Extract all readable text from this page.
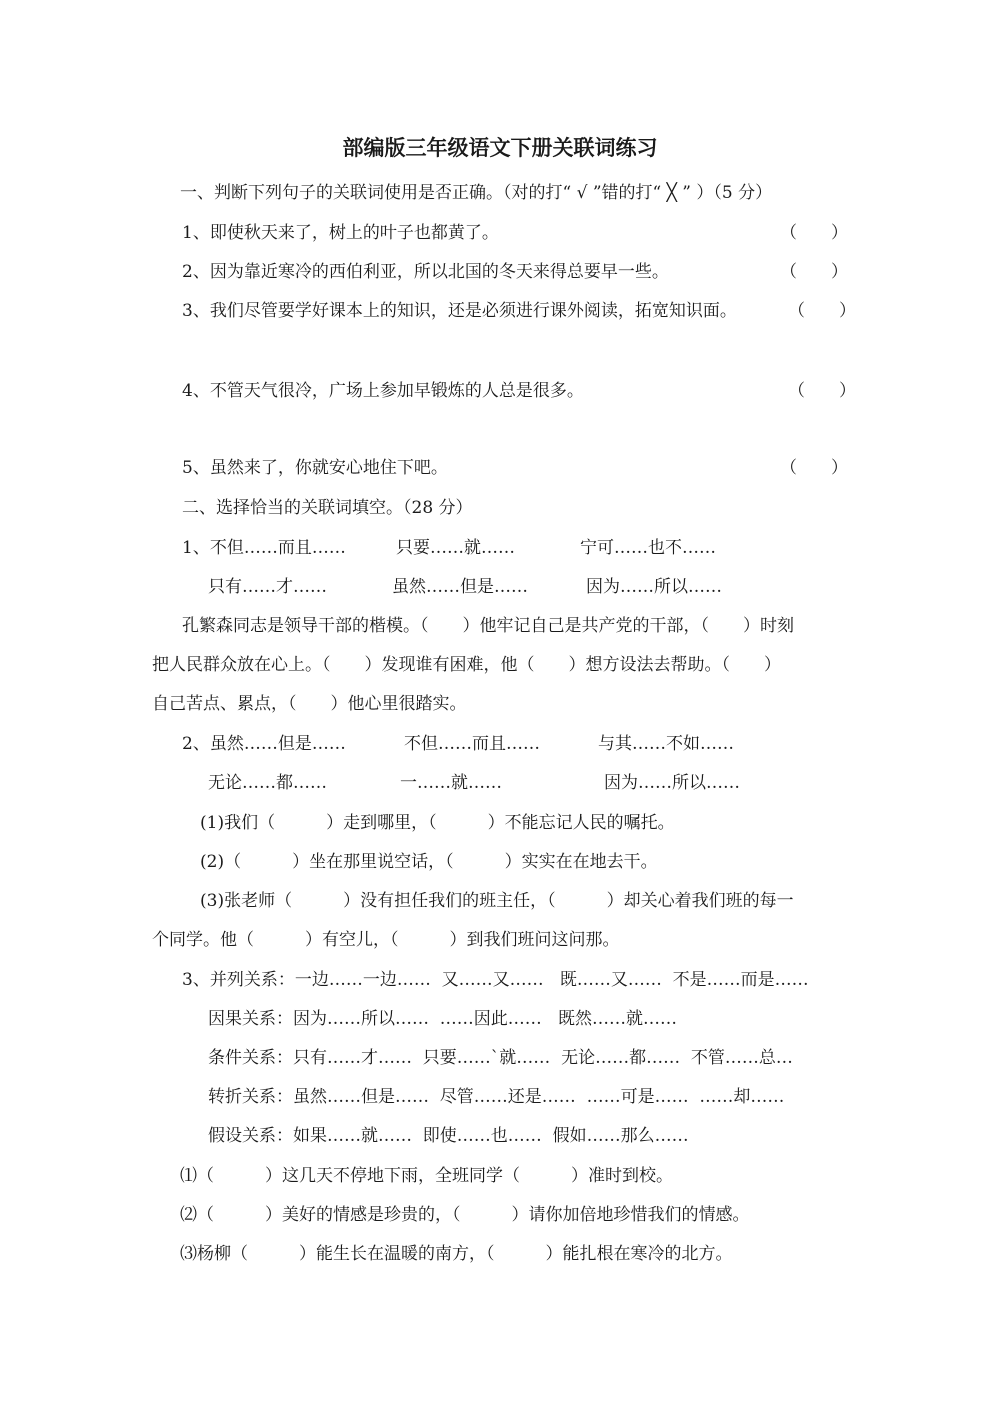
部编版三年级语文下册关联词练习
一、判断下列句子的关联词使用是否正确。（对的打“ √ ”错的打“ ╳ ” ）（5 分）
1、即使秋天来了，树上的叶子也都黄了。	（　　）
2、因为靠近寒冷的西伯利亚，所以北国的冬天来得总要早一些。	（　　）
3、我们尽管要学好课本上的知识，还是必须进行课外阅读，拓宽知识面。	（　　）
4、不管天气很冷，广场上参加早锻炼的人总是很多。	（　　）
5、虽然来了，你就安心地住下吧。	（　　）
二、选择恰当的关联词填空。（28 分）
1、不但……而且……	只要……就……	宁可……也不……
只有……才……	虽然……但是……	因为……所以……
孔繁森同志是领导干部的楷模。（　　）他牢记自己是共产党的干部，（　　）时刻
把人民群众放在心上。（　　）发现谁有困难，他（　　）想方设法去帮助。（　　）
自己苦点、累点，（　　）他心里很踏实。
2、虽然……但是……	不但……而且……	与其……不如……
无论……都……	一……就……	因为……所以……
(1)我们（　　　）走到哪里，（　　　）不能忘记人民的嘱托。
(2)（　　　）坐在那里说空话，（　　　）实实在在地去干。
(3)张老师（　　　）没有担任我们的班主任，（　　　）却关心着我们班的每一
个同学。他（　　　）有空儿，（　　　）到我们班问这问那。
3、并列关系：一边……一边……  又……又……   既……又……  不是……而是……
因果关系：因为……所以……  ……因此……   既然……就……
条件关系：只有……才……  只要……`就……  无论……都……  不管……总…
转折关系：虽然……但是……  尽管……还是……  ……可是……  ……却……
假设关系：如果……就……  即使……也……  假如……那么……
⑴（　　　）这几天不停地下雨，全班同学（　　　）准时到校。
⑵（　　　）美好的情感是珍贵的，（　　　）请你加倍地珍惜我们的情感。
⑶杨柳（　　　）能生长在温暖的南方，（　　　）能扎根在寒冷的北方。
